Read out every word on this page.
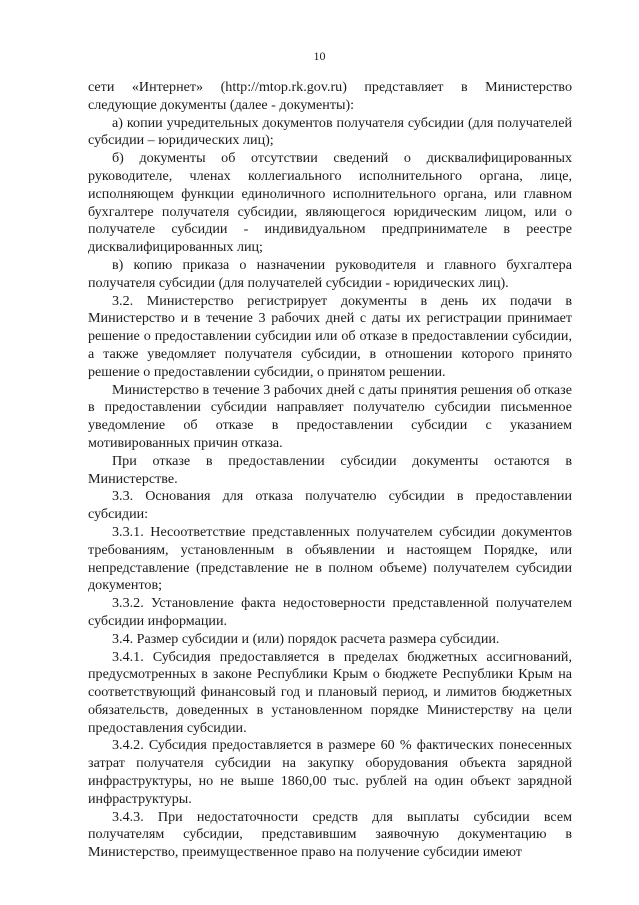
10

сети «Интернет» (http://mtop.rk.gov.ru) представляет в Министерство следующие документы (далее - документы):

а) копии учредительных документов получателя субсидии (для получателей субсидии – юридических лиц);

б) документы об отсутствии сведений о дисквалифицированных руководителе, членах коллегиального исполнительного органа, лице, исполняющем функции единоличного исполнительного органа, или главном бухгалтере получателя субсидии, являющегося юридическим лицом, или о получателе субсидии - индивидуальном предпринимателе в реестре дисквалифицированных лиц;

в) копию приказа о назначении руководителя и главного бухгалтера получателя субсидии (для получателей субсидии - юридических лиц).

3.2. Министерство регистрирует документы в день их подачи в Министерство и в течение 3 рабочих дней с даты их регистрации принимает решение о предоставлении субсидии или об отказе в предоставлении субсидии, а также уведомляет получателя субсидии, в отношении которого принято решение о предоставлении субсидии, о принятом решении.

Министерство в течение 3 рабочих дней с даты принятия решения об отказе в предоставлении субсидии направляет получателю субсидии письменное уведомление об отказе в предоставлении субсидии с указанием мотивированных причин отказа.

При отказе в предоставлении субсидии документы остаются в Министерстве.

3.3. Основания для отказа получателю субсидии в предоставлении субсидии:

3.3.1. Несоответствие представленных получателем субсидии документов требованиям, установленным в объявлении и настоящем Порядке, или непредставление (представление не в полном объеме) получателем субсидии документов;

3.3.2. Установление факта недостоверности представленной получателем субсидии информации.

3.4. Размер субсидии и (или) порядок расчета размера субсидии.

3.4.1. Субсидия предоставляется в пределах бюджетных ассигнований, предусмотренных в законе Республики Крым о бюджете Республики Крым на соответствующий финансовый год и плановый период, и лимитов бюджетных обязательств, доведенных в установленном порядке Министерству на цели предоставления субсидии.

3.4.2. Субсидия предоставляется в размере 60 % фактических понесенных затрат получателя субсидии на закупку оборудования объекта зарядной инфраструктуры, но не выше 1860,00 тыс. рублей на один объект зарядной инфраструктуры.

3.4.3. При недостаточности средств для выплаты субсидии всем получателям субсидии, представившим заявочную документацию в Министерство, преимущественное право на получение субсидии имеют
